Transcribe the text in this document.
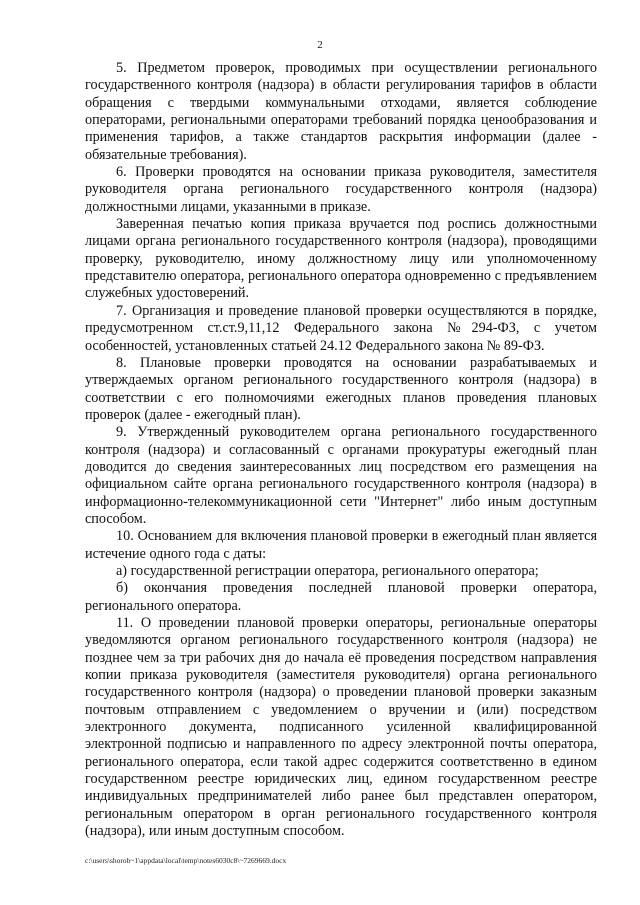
2

5. Предметом проверок, проводимых при осуществлении регионального государственного контроля (надзора) в области регулирования тарифов в области обращения с твердыми коммунальными отходами, является соблюдение операторами, региональными операторами требований порядка ценообразования и применения тарифов, а также стандартов раскрытия информации (далее - обязательные требования).

6. Проверки проводятся на основании приказа руководителя, заместителя руководителя органа регионального государственного контроля (надзора) должностными лицами, указанными в приказе.

Заверенная печатью копия приказа вручается под роспись должностными лицами органа регионального государственного контроля (надзора), проводящими проверку, руководителю, иному должностному лицу или уполномоченному представителю оператора, регионального оператора одновременно с предъявлением служебных удостоверений.

7. Организация и проведение плановой проверки осуществляются в порядке, предусмотренном ст.ст.9,11,12 Федерального закона №294-ФЗ, с учетом особенностей, установленных статьей 24.12 Федерального закона № 89-ФЗ.

8. Плановые проверки проводятся на основании разрабатываемых и утверждаемых органом регионального государственного контроля (надзора) в соответствии с его полномочиями ежегодных планов проведения плановых проверок (далее - ежегодный план).

9. Утвержденный руководителем органа регионального государственного контроля (надзора) и согласованный с органами прокуратуры ежегодный план доводится до сведения заинтересованных лиц посредством его размещения на официальном сайте органа регионального государственного контроля (надзора) в информационно-телекоммуникационной сети "Интернет" либо иным доступным способом.

10. Основанием для включения плановой проверки в ежегодный план является истечение одного года с даты:

а) государственной регистрации оператора, регионального оператора;

б) окончания проведения последней плановой проверки оператора, регионального оператора.

11. О проведении плановой проверки операторы, региональные операторы уведомляются органом регионального государственного контроля (надзора) не позднее чем за три рабочих дня до начала её проведения посредством направления копии приказа руководителя (заместителя руководителя) органа регионального государственного контроля (надзора) о проведении плановой проверки заказным почтовым отправлением с уведомлением о вручении и (или) посредством электронного документа, подписанного усиленной квалифицированной электронной подписью и направленного по адресу электронной почты оператора, регионального оператора, если такой адрес содержится соответственно в едином государственном реестре юридических лиц, едином государственном реестре индивидуальных предпринимателей либо ранее был представлен оператором, региональным оператором в орган регионального государственного контроля (надзора), или иным доступным способом.

c:\users\shorob~1\appdata\local\temp\notes6030c8\~7269669.docx
